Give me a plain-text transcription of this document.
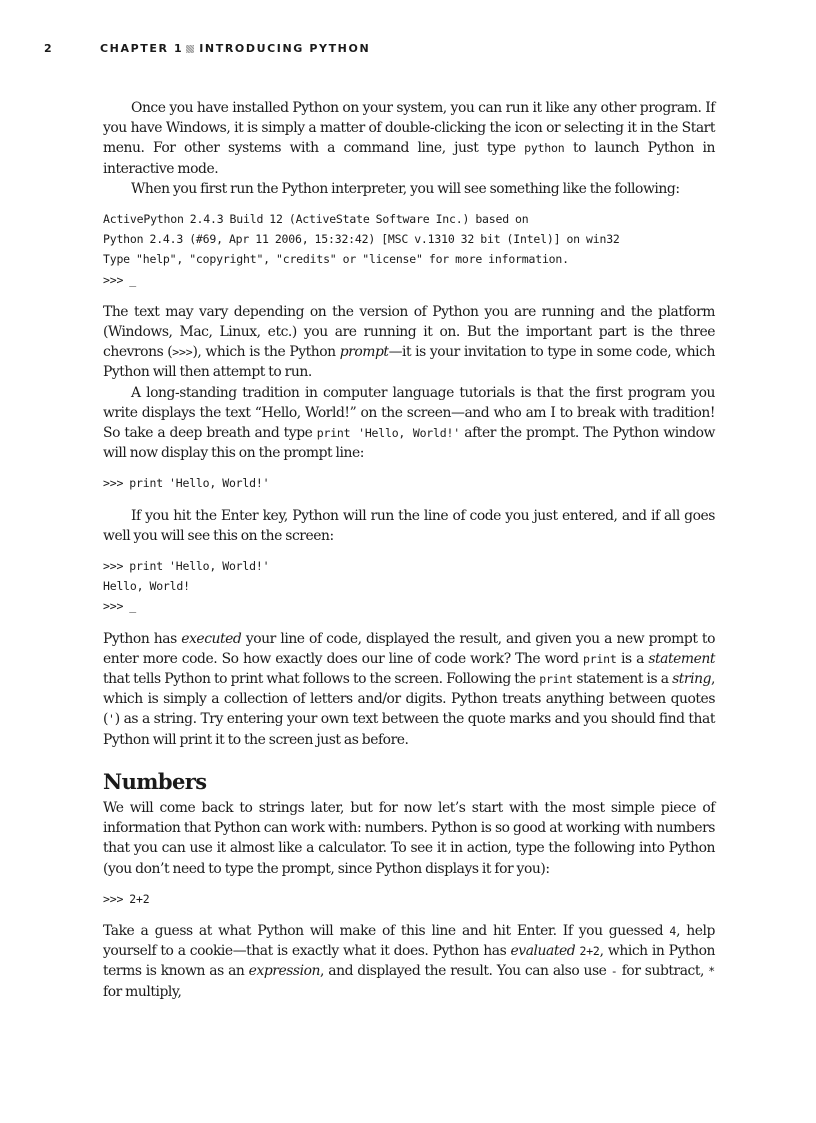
2	CHAPTER 1 INTRODUCING PYTHON

Once you have installed Python on your system, you can run it like any other program. If you have Windows, it is simply a matter of double-clicking the icon or selecting it in the Start menu. For other systems with a command line, just type python to launch Python in interactive mode.

When you first run the Python interpreter, you will see something like the following:

ActivePython 2.4.3 Build 12 (ActiveState Software Inc.) based on
Python 2.4.3 (#69, Apr 11 2006, 15:32:42) [MSC v.1310 32 bit (Intel)] on win32
Type "help", "copyright", "credits" or "license" for more information.
>>> _

The text may vary depending on the version of Python you are running and the platform (Windows, Mac, Linux, etc.) you are running it on. But the important part is the three chevrons (>>>), which is the Python prompt—it is your invitation to type in some code, which Python will then attempt to run.

A long-standing tradition in computer language tutorials is that the first program you write displays the text “Hello, World!” on the screen—and who am I to break with tradition! So take a deep breath and type print 'Hello, World!' after the prompt. The Python window will now display this on the prompt line:

>>> print 'Hello, World!'

If you hit the Enter key, Python will run the line of code you just entered, and if all goes well you will see this on the screen:

>>> print 'Hello, World!'
Hello, World!
>>> _

Python has executed your line of code, displayed the result, and given you a new prompt to enter more code. So how exactly does our line of code work? The word print is a statement that tells Python to print what follows to the screen. Following the print statement is a string, which is simply a collection of letters and/or digits. Python treats anything between quotes (') as a string. Try entering your own text between the quote marks and you should find that Python will print it to the screen just as before.

Numbers

We will come back to strings later, but for now let’s start with the most simple piece of information that Python can work with: numbers. Python is so good at working with numbers that you can use it almost like a calculator. To see it in action, type the following into Python (you don’t need to type the prompt, since Python displays it for you):

>>> 2+2

Take a guess at what Python will make of this line and hit Enter. If you guessed 4, help yourself to a cookie—that is exactly what it does. Python has evaluated 2+2, which in Python terms is known as an expression, and displayed the result. You can also use - for subtract, * for multiply,
